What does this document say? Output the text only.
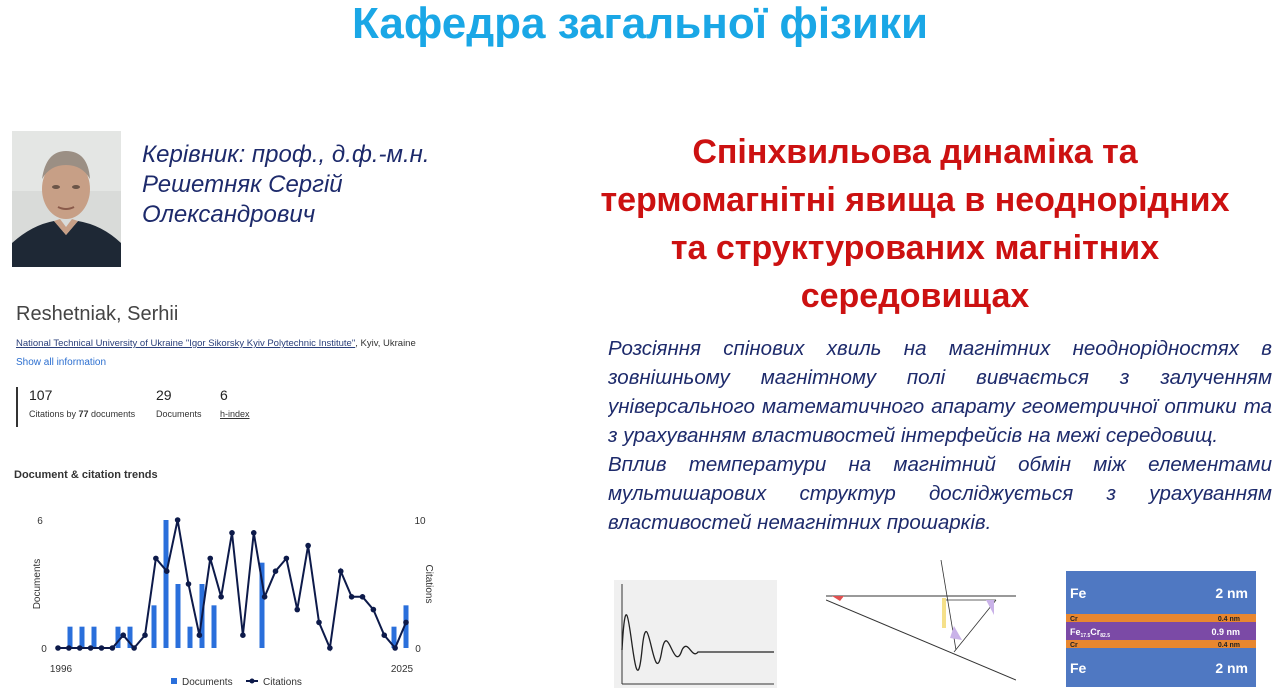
Кафедра загальної фізики
Керівник: проф., д.ф.-м.н.
Решетняк Сергій
Олександрович
Спінхвильова динаміка та термомагнітні явища в неоднорідних та структурованих магнітних середовищах

Розсіяння спінових хвиль на магнітних неоднорідностях в зовнішньому магнітному полі вивчається з залученням універсального математичного апарату геометричної оптики та з урахуванням властивостей інтерфейсів на межі середовищ.

Вплив температури на магнітний обмін між елементами мультишарових структур досліджується з урахуванням властивостей немагнітних прошарків.

Reshetniak, Serhii
National Technical University of Ukraine "Igor Sikorsky Kyiv Polytechnic Institute", Kyiv, Ukraine
Show all information
107
Citations by 77 documents
29
Documents
6
h-index
Document & citation trends
6
0
10
0
1996	2025
Documents	Citations
Documents	Citations
Fe	2 nm
Cr	0.4 nm
$Fe_{17.5}Cr_{82.5}$	0.9 nm
Cr	0.4 nm
Fe	2 nm
